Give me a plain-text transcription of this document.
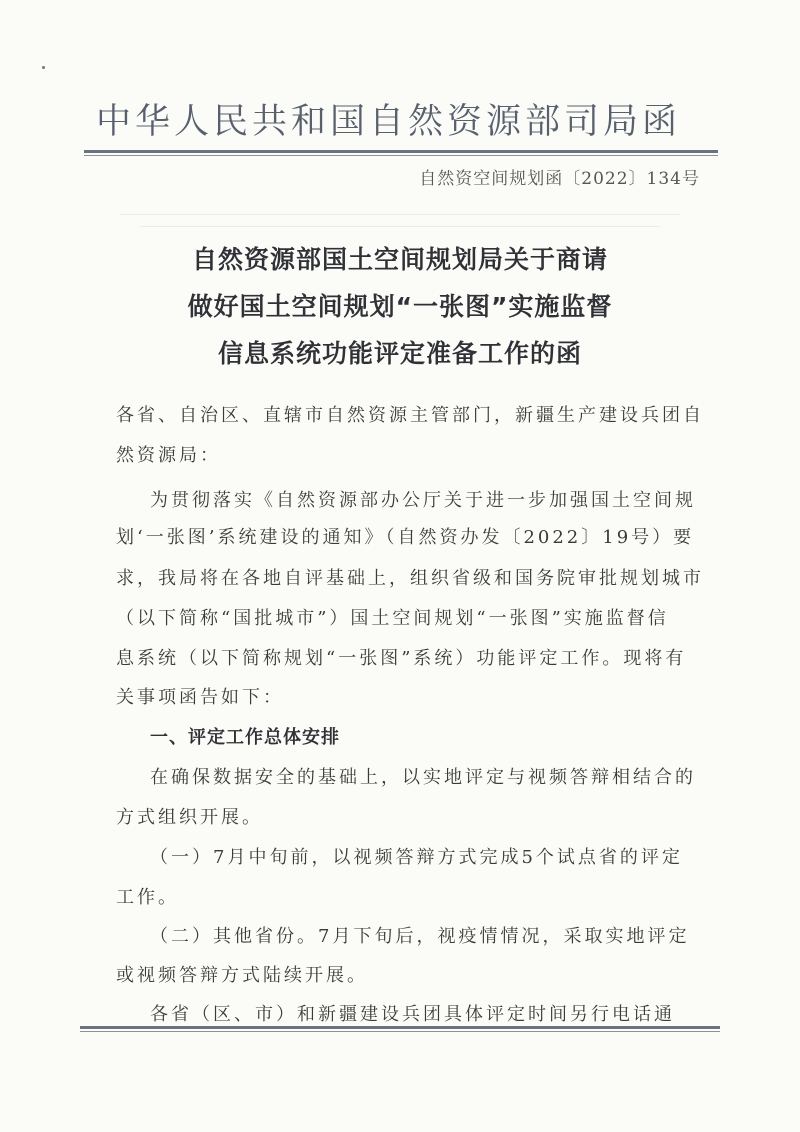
中华人民共和国自然资源部司局函
自然资空间规划函〔2022〕134号
自然资源部国土空间规划局关于商请
做好国土空间规划“一张图”实施监督
信息系统功能评定准备工作的函
各省、自治区、直辖市自然资源主管部门，新疆生产建设兵团自
然资源局：
为贯彻落实《自然资源部办公厅关于进一步加强国土空间规
划‘一张图’系统建设的通知》（自然资办发〔2022〕19号）要
求，我局将在各地自评基础上，组织省级和国务院审批规划城市
（以下简称“国批城市”）国土空间规划“一张图”实施监督信
息系统（以下简称规划“一张图”系统）功能评定工作。现将有
关事项函告如下：
一、评定工作总体安排
在确保数据安全的基础上，以实地评定与视频答辩相结合的
方式组织开展。
（一）7月中旬前，以视频答辩方式完成5个试点省的评定
工作。
（二）其他省份。7月下旬后，视疫情情况，采取实地评定
或视频答辩方式陆续开展。
各省（区、市）和新疆建设兵团具体评定时间另行电话通
